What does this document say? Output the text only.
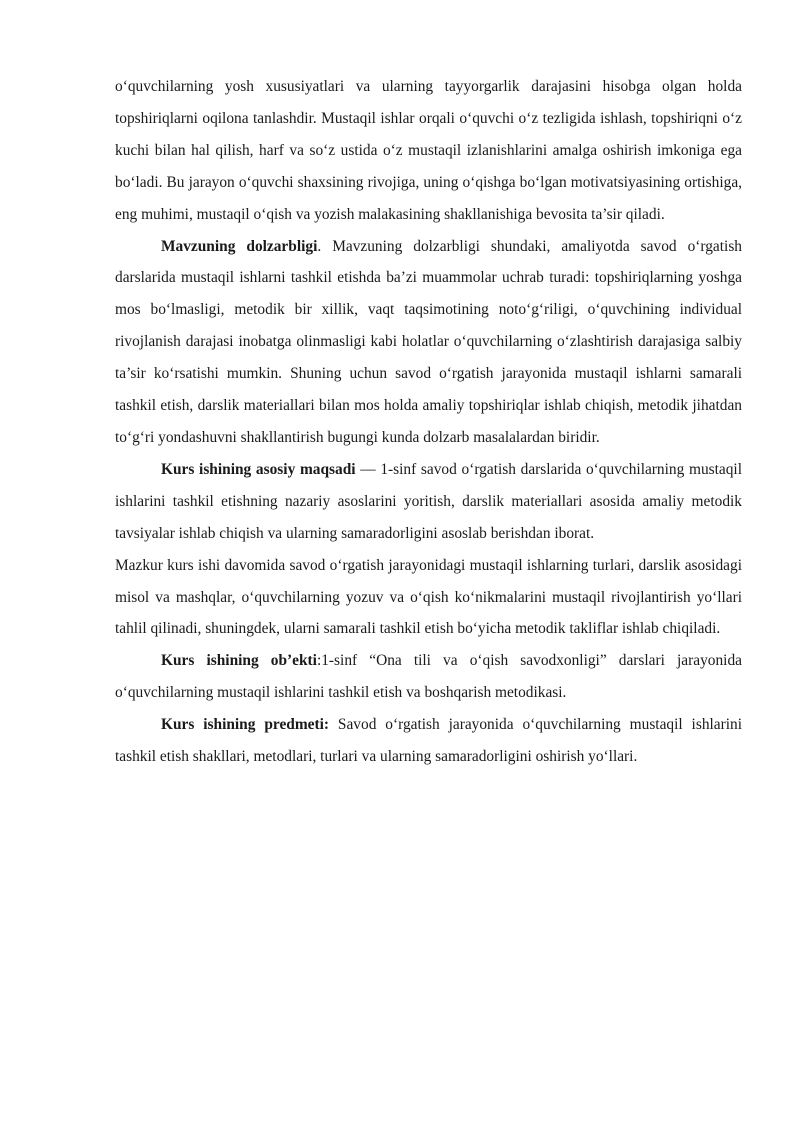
o‘quvchilarning yosh xususiyatlari va ularning tayyorgarlik darajasini hisobga olgan holda topshiriqlarni oqilona tanlashdir. Mustaqil ishlar orqali o‘quvchi o‘z tezligida ishlash, topshiriqni o‘z kuchi bilan hal qilish, harf va so‘z ustida o‘z mustaqil izlanishlarini amalga oshirish imkoniga ega bo‘ladi. Bu jarayon o‘quvchi shaxsining rivojiga, uning o‘qishga bo‘lgan motivatsiyasining ortishiga, eng muhimi, mustaqil o‘qish va yozish malakasining shakllanishiga bevosita ta’sir qiladi.

Mavzuning dolzarbligi. Mavzuning dolzarbligi shundaki, amaliyotda savod o‘rgatish darslarida mustaqil ishlarni tashkil etishda ba’zi muammolar uchrab turadi: topshiriqlarning yoshga mos bo‘lmasligi, metodik bir xillik, vaqt taqsimotining noto‘g‘riligi, o‘quvchining individual rivojlanish darajasi inobatga olinmasligi kabi holatlar o‘quvchilarning o‘zlashtirish darajasiga salbiy ta’sir ko‘rsatishi mumkin. Shuning uchun savod o‘rgatish jarayonida mustaqil ishlarni samarali tashkil etish, darslik materiallari bilan mos holda amaliy topshiriqlar ishlab chiqish, metodik jihatdan to‘g‘ri yondashuvni shakllantirish bugungi kunda dolzarb masalalardan biridir.

Kurs ishining asosiy maqsadi — 1-sinf savod o‘rgatish darslarida o‘quvchilarning mustaqil ishlarini tashkil etishning nazariy asoslarini yoritish, darslik materiallari asosida amaliy metodik tavsiyalar ishlab chiqish va ularning samaradorligini asoslab berishdan iborat.

Mazkur kurs ishi davomida savod o‘rgatish jarayonidagi mustaqil ishlarning turlari, darslik asosidagi misol va mashqlar, o‘quvchilarning yozuv va o‘qish ko‘nikmalarini mustaqil rivojlantirish yo‘llari tahlil qilinadi, shuningdek, ularni samarali tashkil etish bo‘yicha metodik takliflar ishlab chiqiladi.

Kurs ishining ob’ekti:1-sinf “Ona tili va o‘qish savodxonligi” darslari jarayonida o‘quvchilarning mustaqil ishlarini tashkil etish va boshqarish metodikasi.

Kurs ishining predmeti: Savod o‘rgatish jarayonida o‘quvchilarning mustaqil ishlarini tashkil etish shakllari, metodlari, turlari va ularning samaradorligini oshirish yo‘llari.
